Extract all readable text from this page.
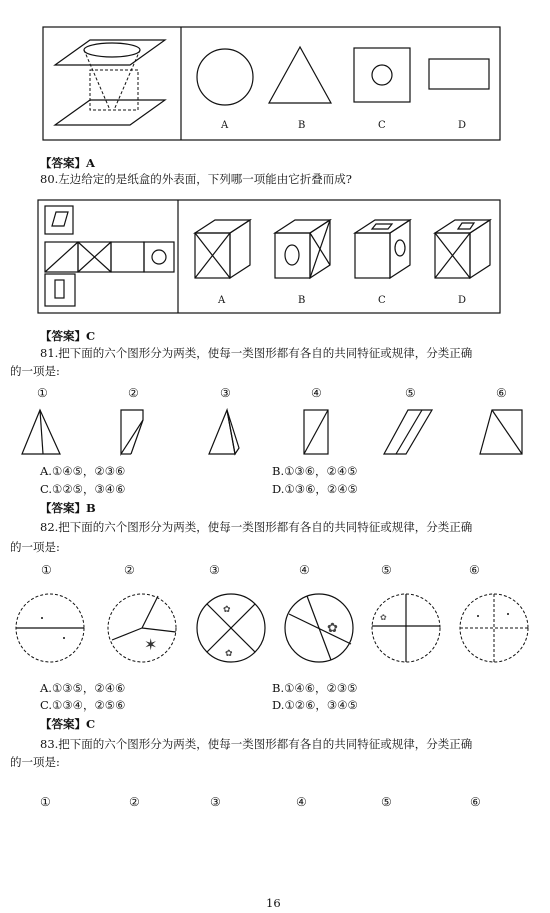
A	B	C	D
【答案】A
80.左边给定的是纸盒的外表面，下列哪一项能由它折叠而成?
A	B	C	D
【答案】C
81.把下面的六个图形分为两类，使每一类图形都有各自的共同特征或规律，分类正确
的一项是:
①	②	③	④	⑤	⑥
A.①④⑤，②③⑥	B.①③⑥，②④⑤
C.①②⑤，③④⑥	D.①③⑥，②④⑤
【答案】B
82.把下面的六个图形分为两类，使每一类图形都有各自的共同特征或规律，分类正确
的一项是:
①	②	③	④	⑤	⑥
✶
✿
✿
✿
✿
A.①③⑤，②④⑥	B.①④⑥，②③⑤
C.①③④，②⑤⑥	D.①②⑥，③④⑤
【答案】C
83.把下面的六个图形分为两类，使每一类图形都有各自的共同特征或规律，分类正确
的一项是:
①	②	③	④	⑤	⑥
16
